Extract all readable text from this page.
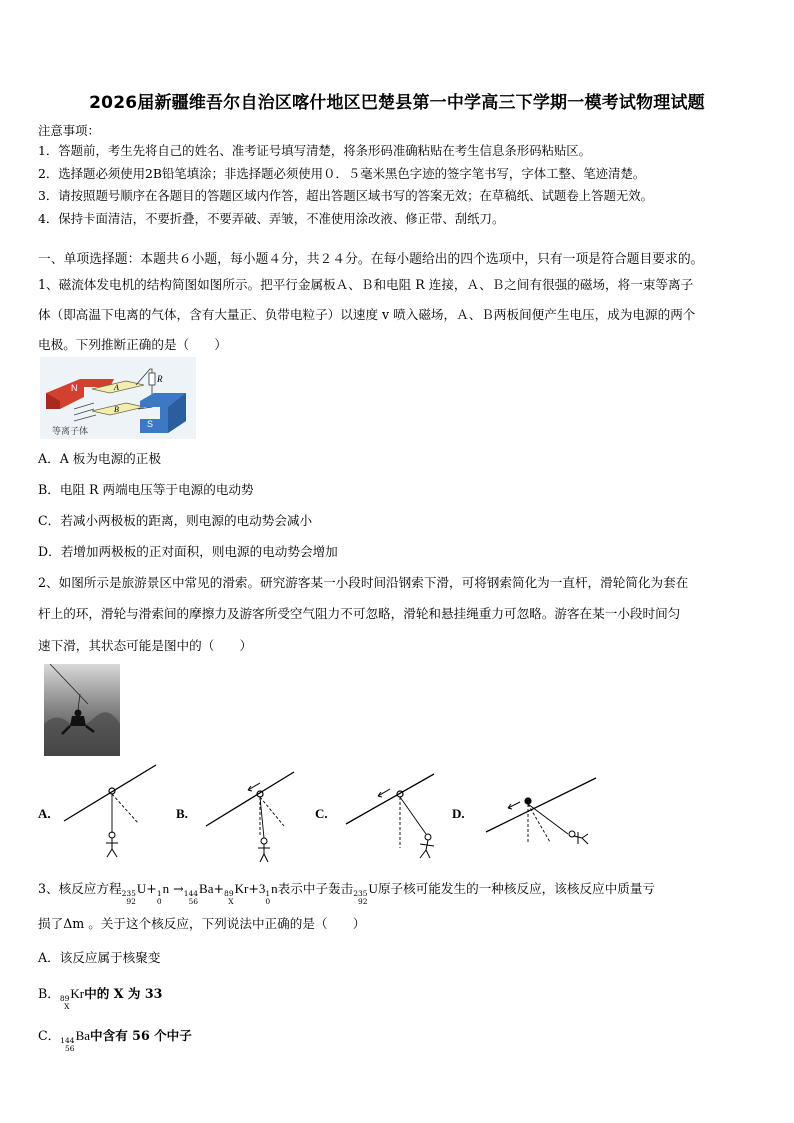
2026届新疆维吾尔自治区喀什地区巴楚县第一中学高三下学期一模考试物理试题
注意事项：
1．答题前，考生先将自己的姓名、准考证号填写清楚，将条形码准确粘贴在考生信息条形码粘贴区。
2．选择题必须使用2B铅笔填涂；非选择题必须使用０．５毫米黑色字迹的签字笔书写，字体工整、笔迹清楚。
3．请按照题号顺序在各题目的答题区域内作答，超出答题区域书写的答案无效；在草稿纸、试题卷上答题无效。
4．保持卡面清洁，不要折叠，不要弄破、弄皱，不准使用涂改液、修正带、刮纸刀。
一、单项选择题：本题共６小题，每小题４分，共２４分。在每小题给出的四个选项中，只有一项是符合题目要求的。
1、磁流体发电机的结构简图如图所示。把平行金属板Ａ、Ｂ和电阻 R 连接，Ａ、Ｂ之间有很强的磁场，将一束等离子
体（即高温下电离的气体，含有大量正、负带电粒子）以速度 v 喷入磁场，Ａ、Ｂ两板间便产生电压，成为电源的两个
电极。下列推断正确的是（　　）
N	A
B
R
S
等离子体
A．A 板为电源的正极
B．电阻 R 两端电压等于电源的电动势
C．若减小两极板的距离，则电源的电动势会减小
D．若增加两极板的正对面积，则电源的电动势会增加
2、如图所示是旅游景区中常见的滑索。研究游客某一小段时间沿钢索下滑，可将钢索简化为一直杆，滑轮简化为套在
杆上的环，滑轮与滑索间的摩擦力及游客所受空气阻力不可忽略，滑轮和悬挂绳重力可忽略。游客在某一小段时间匀
速下滑，其状态可能是图中的（　　）
A.	B.	C.	D.
3、核反应方程 235
92
U+ 1
0
n → 144
56
Ba+ 89
X
Kr+3 1
0
n表示中子轰击 235
92
U原子核可能发生的一种核反应，该核反应中质量亏
损了Δm 。关于这个核反应，下列说法中正确的是（　　）
A．该反应属于核聚变
B． 89
X
Kr中的 X 为 33
C． 144
56
Ba中含有 56 个中子
